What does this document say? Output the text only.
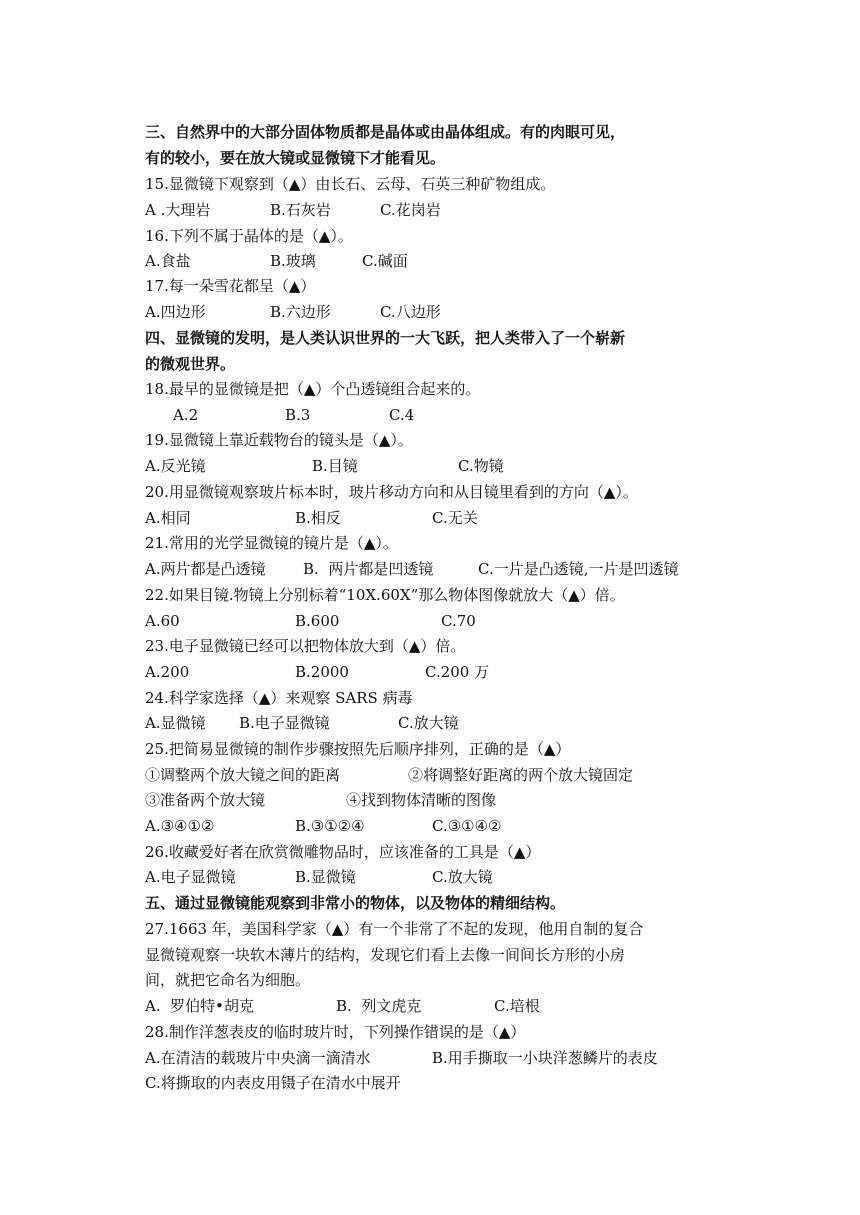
三、自然界中的大部分固体物质都是晶体或由晶体组成。有的肉眼可见，
有的较小，要在放大镜或显微镜下才能看见。
15.显微镜下观察到（▲）由长石、云母、石英三种矿物组成。
A .大理岩	B.石灰岩	C.花岗岩
16.下列不属于晶体的是（▲）。
A.食盐	B.玻璃	C.碱面
17.每一朵雪花都呈（▲）
A.四边形	B.六边形	C.八边形
四、显微镜的发明，是人类认识世界的一大飞跃，把人类带入了一个崭新
的微观世界。
18.最早的显微镜是把（▲）个凸透镜组合起来的。
A.2	B.3	C.4
19.显微镜上靠近载物台的镜头是（▲）。
A.反光镜	B.目镜	C.物镜
20.用显微镜观察玻片标本时，玻片移动方向和从目镜里看到的方向（▲）。
A.相同	B.相反	C.无关
21.常用的光学显微镜的镜片是（▲）。
A.两片都是凸透镜 B.  两片都是凹透镜	C.一片是凸透镜,一片是凹透镜
22.如果目镜.物镜上分别标着“10X.60X”那么物体图像就放大（▲）倍。
A.60	B.600	C.70
23.电子显微镜已经可以把物体放大到（▲）倍。
A.200	B.2000	C.200 万
24.科学家选择（▲）来观察 SARS 病毒
A.显微镜 B.电子显微镜	C.放大镜
25.把简易显微镜的制作步骤按照先后顺序排列，正确的是（▲）
①调整两个放大镜之间的距离	②将调整好距离的两个放大镜固定
③准备两个放大镜	④找到物体清晰的图像
A.③④①②	B.③①②④	C.③①④②
26.收藏爱好者在欣赏微雕物品时，应该准备的工具是（▲）
A.电子显微镜	B.显微镜	C.放大镜
五、通过显微镜能观察到非常小的物体，以及物体的精细结构。
27.1663 年，美国科学家（▲）有一个非常了不起的发现，他用自制的复合
显微镜观察一块软木薄片的结构，发现它们看上去像一间间长方形的小房
间，就把它命名为细胞。
A.  罗伯特•胡克	B.  列文虎克	C.培根
28.制作洋葱表皮的临时玻片时，下列操作错误的是（▲）
A.在清洁的载玻片中央滴一滴清水	B.用手撕取一小块洋葱鳞片的表皮
C.将撕取的内表皮用镊子在清水中展开
